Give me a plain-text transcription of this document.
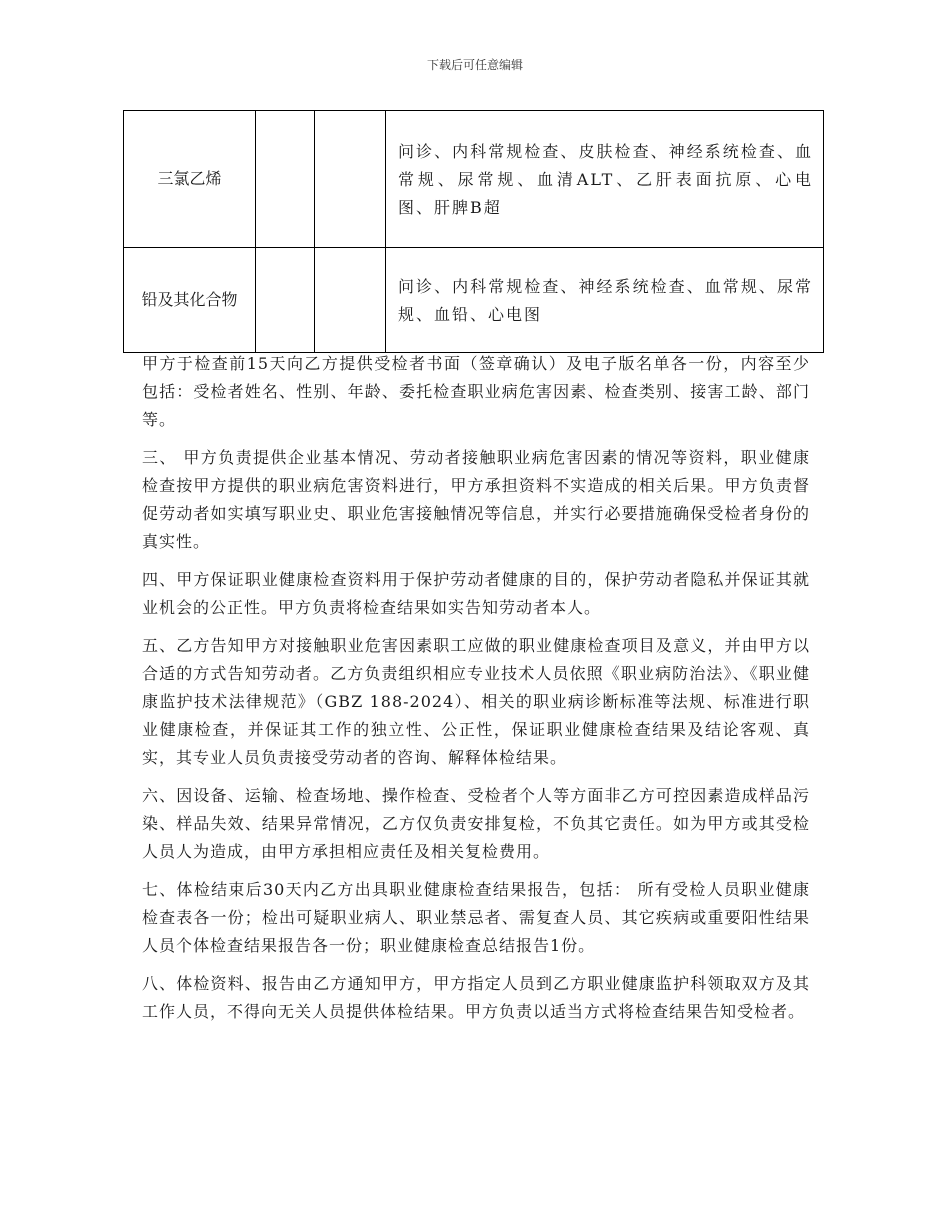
下载后可任意编辑
三氯乙烯			问诊、内科常规检查、皮肤检查、神经系统检查、血常规、尿常规、血清ALT、乙肝表面抗原、心电图、肝脾B超
铅及其化合物			问诊、内科常规检查、神经系统检查、血常规、尿常规、血铅、心电图

甲方于检查前15天向乙方提供受检者书面（签章确认）及电子版名单各一份，内容至少包括：受检者姓名、性别、年龄、委托检查职业病危害因素、检查类别、接害工龄、部门等。

三、 甲方负责提供企业基本情况、劳动者接触职业病危害因素的情况等资料，职业健康检查按甲方提供的职业病危害资料进行，甲方承担资料不实造成的相关后果。甲方负责督促劳动者如实填写职业史、职业危害接触情况等信息，并实行必要措施确保受检者身份的真实性。

四、甲方保证职业健康检查资料用于保护劳动者健康的目的，保护劳动者隐私并保证其就业机会的公正性。甲方负责将检查结果如实告知劳动者本人。

五、乙方告知甲方对接触职业危害因素职工应做的职业健康检查项目及意义，并由甲方以合适的方式告知劳动者。乙方负责组织相应专业技术人员依照《职业病防治法》、《职业健康监护技术法律规范》（GBZ 188-2024）、相关的职业病诊断标准等法规、标准进行职业健康检查，并保证其工作的独立性、公正性，保证职业健康检查结果及结论客观、真实，其专业人员负责接受劳动者的咨询、解释体检结果。

六、因设备、运输、检查场地、操作检查、受检者个人等方面非乙方可控因素造成样品污染、样品失效、结果异常情况，乙方仅负责安排复检，不负其它责任。如为甲方或其受检人员人为造成，由甲方承担相应责任及相关复检费用。

七、体检结束后30天内乙方出具职业健康检查结果报告，包括： 所有受检人员职业健康检查表各一份；检出可疑职业病人、职业禁忌者、需复查人员、其它疾病或重要阳性结果人员个体检查结果报告各一份；职业健康检查总结报告1份。

八、体检资料、报告由乙方通知甲方，甲方指定人员到乙方职业健康监护科领取双方及其工作人员，不得向无关人员提供体检结果。甲方负责以适当方式将检查结果告知受检者。
